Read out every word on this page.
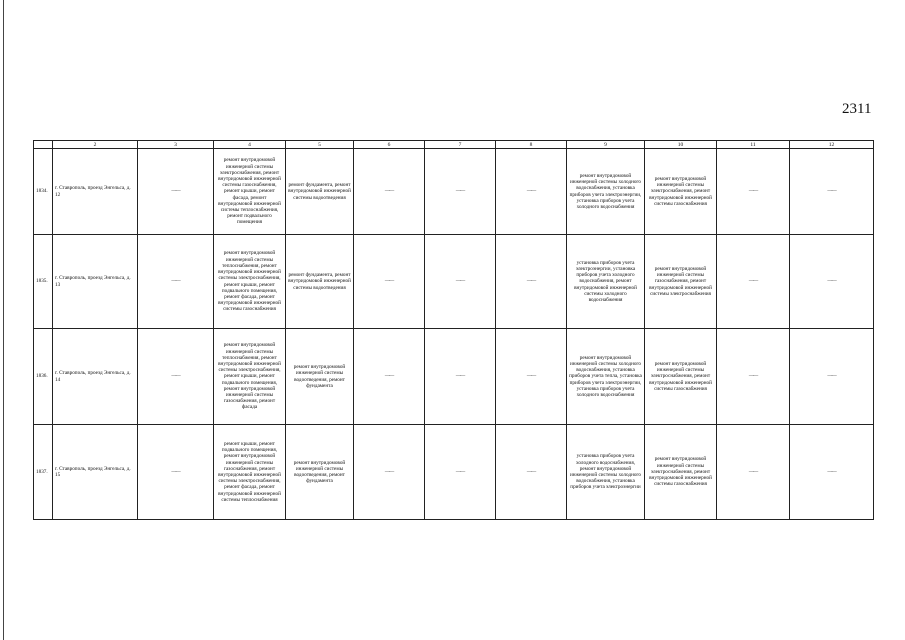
2311
	2	3	4	5	6	7	8	9	10	11	12
1834.	г. Ставрополь, проезд Энгельса, д. 12	——	ремонт внутридомовой инженерной системы электроснабжения, ремонт внутридомовой инженерной системы газоснабжения, ремонт крыши, ремонт фасада, ремонт внутридомовой инженерной системы теплоснабжения, ремонт подвального помещения	ремонт фундамента, ремонт внутридомовой инженерной системы водоотведения	——	——	——	ремонт внутридомовой инженерной системы холодного водоснабжения, установка приборов учета электроэнергии, установка приборов учета холодного водоснабжения	ремонт внутридомовой инженерной системы электроснабжения, ремонт внутридомовой инженерной системы газоснабжения	——	——
1835.	г. Ставрополь, проезд Энгельса, д. 13	——	ремонт внутридомовой инженерной системы теплоснабжения, ремонт внутридомовой инженерной системы электроснабжения, ремонт крыши, ремонт подвального помещения, ремонт фасада, ремонт внутридомовой инженерной системы газоснабжения	ремонт фундамента, ремонт внутридомовой инженерной системы водоотведения	——	——	——	установка приборов учета электроэнергии, установка приборов учета холодного водоснабжения, ремонт внутридомовой инженерной системы холодного водоснабжения	ремонт внутридомовой инженерной системы газоснабжения, ремонт внутридомовой инженерной системы электроснабжения	——	——
1836.	г. Ставрополь, проезд Энгельса, д. 14	——	ремонт внутридомовой инженерной системы теплоснабжения, ремонт внутридомовой инженерной системы электроснабжения, ремонт крыши, ремонт подвального помещения, ремонт внутридомовой инженерной системы газоснабжения, ремонт фасада	ремонт внутридомовой инженерной системы водоотведения, ремонт фундамента	——	——	——	ремонт внутридомовой инженерной системы холодного водоснабжения, установка приборов учета тепла, установка приборов учета электроэнергии, установка приборов учета холодного водоснабжения	ремонт внутридомовой инженерной системы электроснабжения, ремонт внутридомовой инженерной системы газоснабжения	——	——
1837.	г. Ставрополь, проезд Энгельса, д. 15	——	ремонт крыши, ремонт подвального помещения, ремонт внутридомовой инженерной системы газоснабжения, ремонт внутридомовой инженерной системы электроснабжения, ремонт фасада, ремонт внутридомовой инженерной системы теплоснабжения	ремонт внутридомовой инженерной системы водоотведения, ремонт фундамента	——	——	——	установка приборов учета холодного водоснабжения, ремонт внутридомовой инженерной системы холодного водоснабжения, установка приборов учета электроэнергии	ремонт внутридомовой инженерной системы электроснабжения, ремонт внутридомовой инженерной системы газоснабжения	——	——
